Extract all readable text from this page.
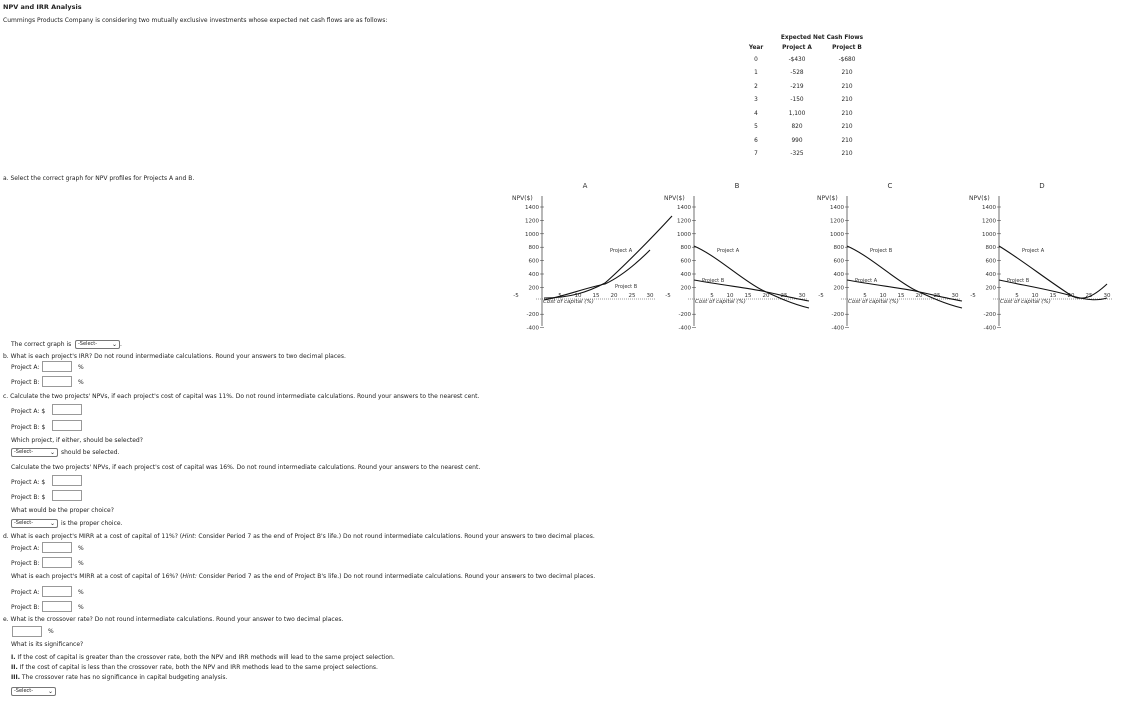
NPV and IRR Analysis
Cummings Products Company is considering two mutually exclusive investments whose expected net cash flows are as follows:
	Expected Net Cash Flows	
Year	Project A	Project B
0	-$430	-$680
1	-528	210
2	-219	210
3	-150	210
4	1,100	210
5	820	210
6	990	210
7	-325	210
a. Select the correct graph for NPV profiles for Projects A and B.
A
NPV($)
1400
1200
1000
800
600
400
200
-200
-400
-5	5 10 15 20 25 30
Cost of capital (%)
Project A
Project B
B
NPV($)
1400
1200
1000
800
600
400
200
-200
-400
-5	5 10 15 20 25 30
Cost of capital (%)
Project A
Project B
C
NPV($)
1400
1200
1000
800
600
400
200
-200
-400
-5	5 10 15 20 25 30
Cost of capital (%)
Project B
Project A
D
NPV($)
1400
1200
1000
800
600
400
200
-200
-400
-5	5 10 15 20 25 30
Cost of capital (%)
Project A
Project B
The correct graph is	-Select- ⌄ .
b. What is each project's IRR? Do not round intermediate calculations. Round your answers to two decimal places.
Project A:	%
Project B:	%
c. Calculate the two projects' NPVs, if each project's cost of capital was 11%. Do not round intermediate calculations. Round your answers to the nearest cent.
Project A: $
Project B: $
Which project, if either, should be selected?
-Select-	⌄ should be selected.
Calculate the two projects' NPVs, if each project's cost of capital was 16%. Do not round intermediate calculations. Round your answers to the nearest cent.
Project A: $
Project B: $
What would be the proper choice?
-Select-	⌄ is the proper choice.
d. What is each project's MIRR at a cost of capital of 11%? (Hint: Consider Period 7 as the end of Project B's life.) Do not round intermediate calculations. Round your answers to two decimal places.
Project A:	%
Project B:	%
What is each project's MIRR at a cost of capital of 16%? (Hint: Consider Period 7 as the end of Project B's life.) Do not round intermediate calculations. Round your answers to two decimal places.
Project A:	%
Project B:	%
e. What is the crossover rate? Do not round intermediate calculations. Round your answer to two decimal places.
%
What is its significance?
I. If the cost of capital is greater than the crossover rate, both the NPV and IRR methods will lead to the same project selection.
II. If the cost of capital is less than the crossover rate, both the NPV and IRR methods lead to the same project selections.
III. The crossover rate has no significance in capital budgeting analysis.
-Select- ⌄
